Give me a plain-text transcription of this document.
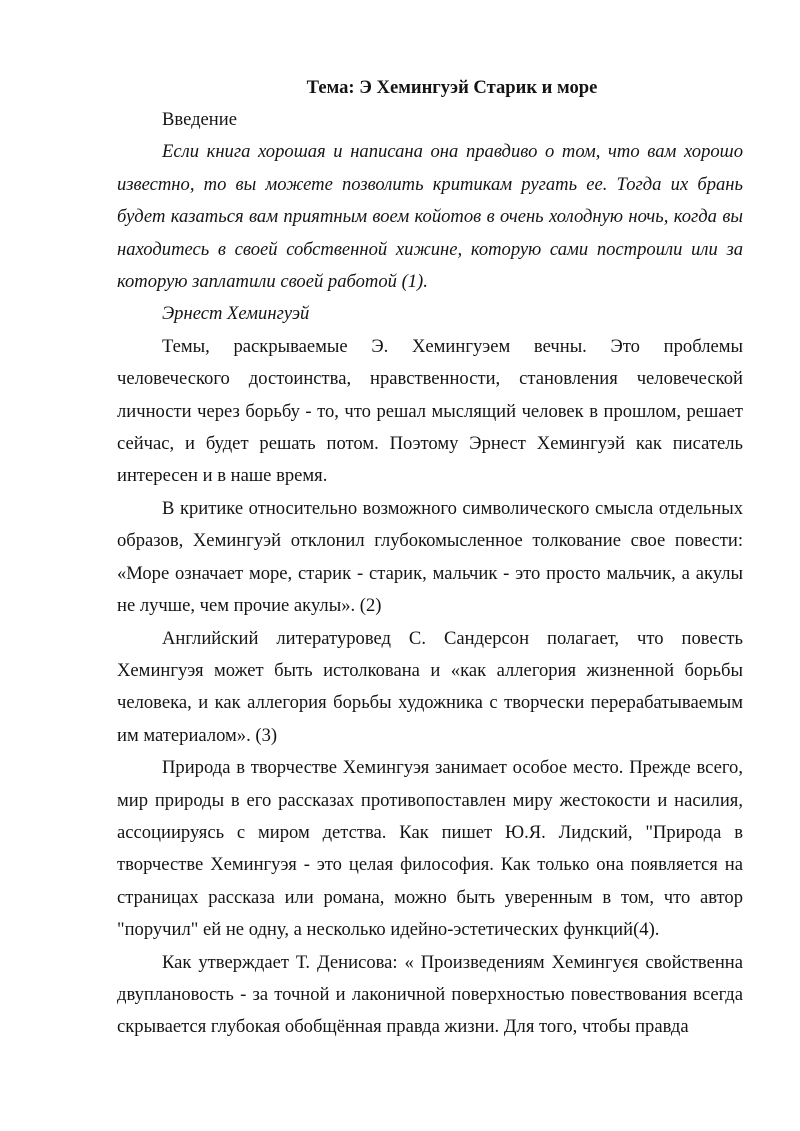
Тема: Э Хемингуэй Старик и море

Введение

Если книга хорошая и написана она правдиво о том, что вам хорошо известно, то вы можете позволить критикам ругать ее. Тогда их брань будет казаться вам приятным воем койотов в очень холодную ночь, когда вы находитесь в своей собственной хижине, которую сами построили или за которую заплатили своей работой (1).

Эрнест Хемингуэй

Темы, раскрываемые Э. Хемингуэем вечны. Это проблемы человеческого достоинства, нравственности, становления человеческой личности через борьбу - то, что решал мыслящий человек в прошлом, решает сейчас, и будет решать потом. Поэтому Эрнест Хемингуэй как писатель интересен и в наше время.

В критике относительно возможного символического смысла отдельных образов, Хемингуэй отклонил глубокомысленное толкование свое повести: «Море означает море, старик - старик, мальчик - это просто мальчик, а акулы не лучше, чем прочие акулы». (2)

Английский литературовед С. Сандерсон полагает, что повесть Хемингуэя может быть истолкована и «как аллегория жизненной борьбы человека, и как аллегория борьбы художника с творчески перерабатываемым им материалом». (3)

Природа в творчестве Хемингуэя занимает особое место. Прежде всего, мир природы в его рассказах противопоставлен миру жестокости и насилия, ассоциируясь с миром детства. Как пишет Ю.Я. Лидский, "Природа в творчестве Хемингуэя - это целая философия. Как только она появляется на страницах рассказа или романа, можно быть уверенным в том, что автор "поручил" ей не одну, а несколько идейно-эстетических функций(4).

Как утверждает Т. Денисова: « Произведениям Хемингуєя свойственна двуплановость - за точной и лаконичной поверхностью повествования всегда скрывается глубокая обобщённая правда жизни. Для того, чтобы правда
